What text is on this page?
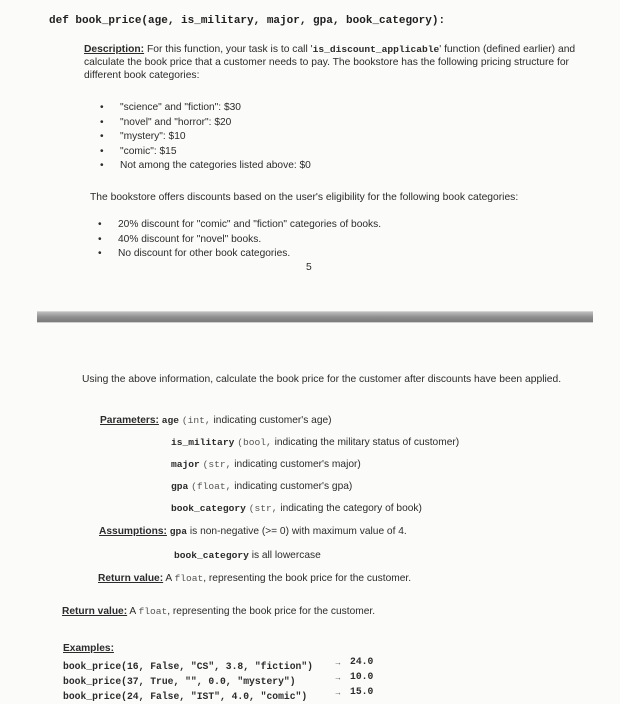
def book_price(age, is_military, major, gpa, book_category):
Description: For this function, your task is to call 'is_discount_applicable' function (defined earlier) and calculate the book price that a customer needs to pay. The bookstore has the following pricing structure for different book categories:
• "science" and "fiction": $30
• "novel" and "horror": $20
• "mystery": $10
• "comic": $15
• Not among the categories listed above: $0
The bookstore offers discounts based on the user's eligibility for the following book categories:
• 20% discount for "comic" and "fiction" categories of books.
• 40% discount for "novel" books.
• No discount for other book categories.
5
Using the above information, calculate the book price for the customer after discounts have been applied.
Parameters: age (int, indicating customer's age)
is_military (bool, indicating the military status of customer)
major (str, indicating customer's major)
gpa (float, indicating customer's gpa)
book_category (str, indicating the category of book)
Assumptions: gpa is non-negative (>= 0) with maximum value of 4.
book_category is all lowercase
Return value: A float, representing the book price for the customer.
Return value: A float, representing the book price for the customer.
Examples:
book_price(16, False, "CS", 3.8, "fiction")	→ 24.0
book_price(37, True, "", 0.0, "mystery")	→ 10.0
book_price(24, False, "IST", 4.0, "comic")	→ 15.0
